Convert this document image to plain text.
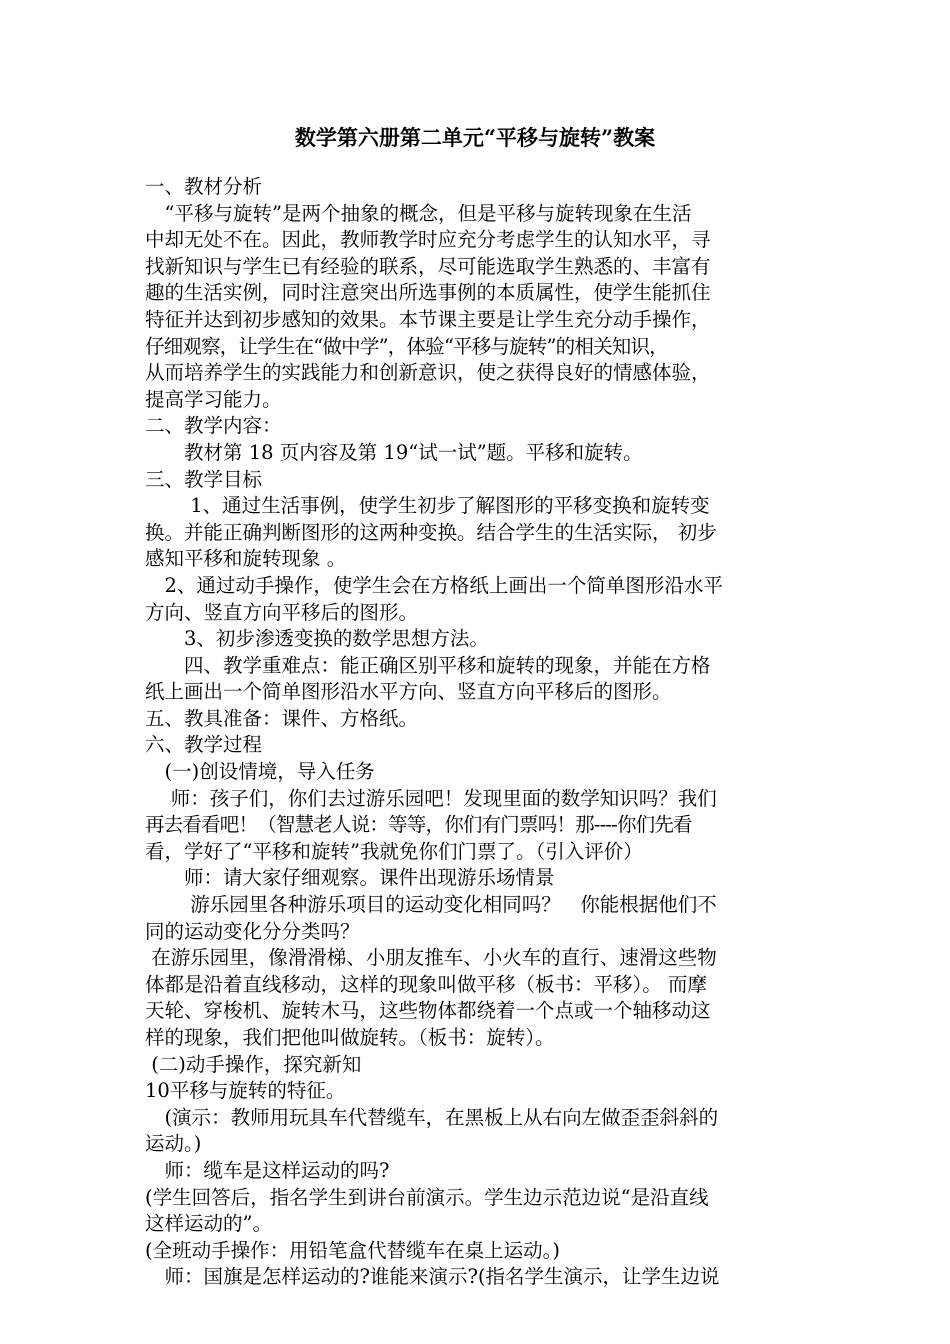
数学第六册第二单元“平移与旋转”教案
一、教材分析
　“平移与旋转”是两个抽象的概念，但是平移与旋转现象在生活
中却无处不在。因此，教师教学时应充分考虑学生的认知水平，寻
找新知识与学生已有经验的联系，尽可能选取学生熟悉的、丰富有
趣的生活实例，同时注意突出所选事例的本质属性，使学生能抓住
特征并达到初步感知的效果。本节课主要是让学生充分动手操作，
仔细观察，让学生在“做中学”，体验“平移与旋转”的相关知识，
从而培养学生的实践能力和创新意识，使之获得良好的情感体验，
提高学习能力。
二、教学内容：
　　教材第 18 页内容及第 19“试一试”题。平移和旋转。
三、教学目标
　　 1、通过生活事例，使学生初步了解图形的平移变换和旋转变
换。并能正确判断图形的这两种变换。结合学生的生活实际， 初步
感知平移和旋转现象 。
　2、通过动手操作，使学生会在方格纸上画出一个简单图形沿水平
方向、竖直方向平移后的图形。
　　3、初步渗透变换的数学思想方法。
　　四、教学重难点：能正确区别平移和旋转的现象，并能在方格
纸上画出一个简单图形沿水平方向、竖直方向平移后的图形。
五、教具准备：课件、方格纸。
六、教学过程
　(一)创设情境，导入任务
　 师：孩子们，你们去过游乐园吧！发现里面的数学知识吗？我们
再去看看吧！（智慧老人说：等等，你们有门票吗！那----你们先看
看，学好了“平移和旋转”我就免你们门票了。（引入评价）
　　师：请大家仔细观察。课件出现游乐场情景
　　 游乐园里各种游乐项目的运动变化相同吗？　你能根据他们不
同的运动变化分分类吗？
在游乐园里，像滑滑梯、小朋友推车、小火车的直行、速滑这些物
体都是沿着直线移动，这样的现象叫做平移（板书：平移）。 而摩
天轮、穿梭机、旋转木马，这些物体都绕着一个点或一个轴移动这
样的现象，我们把他叫做旋转。（板书：旋转）。
(二)动手操作，探究新知
10平移与旋转的特征。
　(演示：教师用玩具车代替缆车，在黑板上从右向左做歪歪斜斜的
运动。)
　师：缆车是这样运动的吗?
(学生回答后，指名学生到讲台前演示。学生边示范边说“是沿直线
这样运动的”。
(全班动手操作：用铅笔盒代替缆车在桌上运动。)
　师：国旗是怎样运动的?谁能来演示?(指名学生演示，让学生边说
